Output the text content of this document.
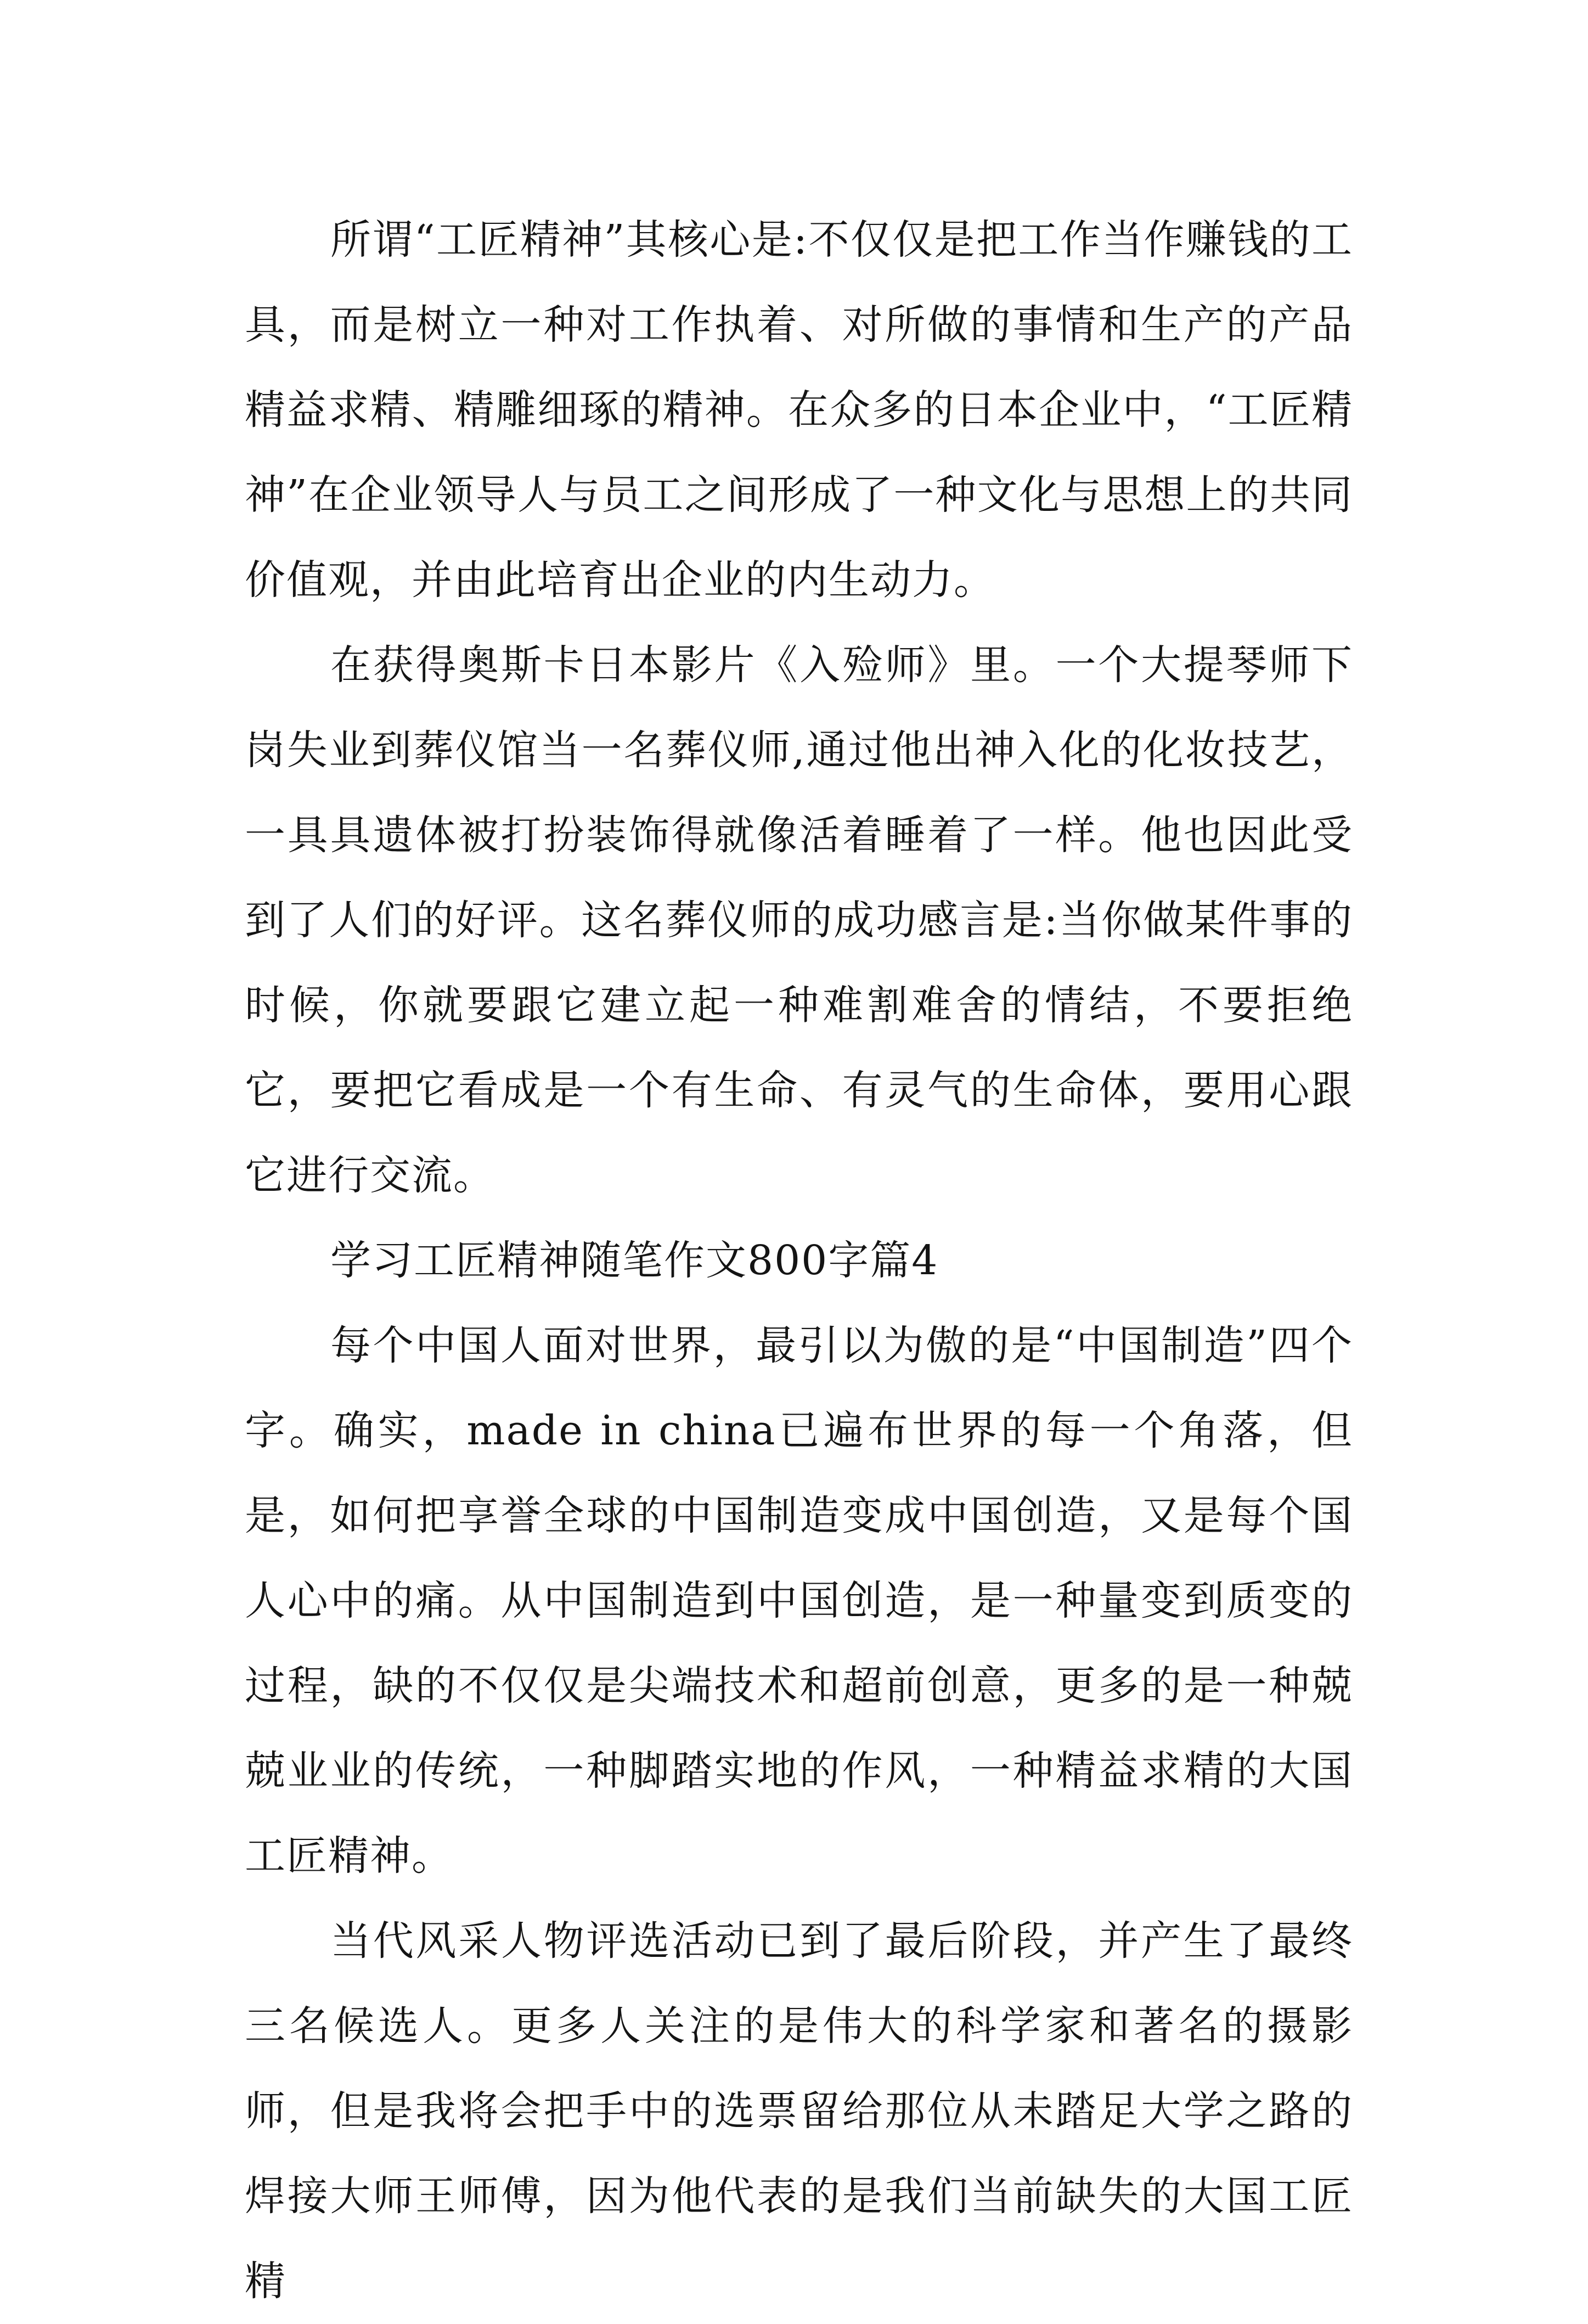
所谓“工匠精神”其核心是:不仅仅是把工作当作赚钱的工具，而是树立一种对工作执着、对所做的事情和生产的产品精益求精、精雕细琢的精神。在众多的日本企业中，“工匠精神”在企业领导人与员工之间形成了一种文化与思想上的共同价值观，并由此培育出企业的内生动力。

在获得奥斯卡日本影片《入殓师》里。一个大提琴师下岗失业到葬仪馆当一名葬仪师,通过他出神入化的化妆技艺，一具具遗体被打扮装饰得就像活着睡着了一样。他也因此受到了人们的好评。这名葬仪师的成功感言是:当你做某件事的时候，你就要跟它建立起一种难割难舍的情结，不要拒绝它，要把它看成是一个有生命、有灵气的生命体，要用心跟它进行交流。

学习工匠精神随笔作文800字篇4

每个中国人面对世界，最引以为傲的是“中国制造”四个字。确实，made in china已遍布世界的每一个角落，但是，如何把享誉全球的中国制造变成中国创造，又是每个国人心中的痛。从中国制造到中国创造，是一种量变到质变的过程，缺的不仅仅是尖端技术和超前创意，更多的是一种兢兢业业的传统，一种脚踏实地的作风，一种精益求精的大国工匠精神。

当代风采人物评选活动已到了最后阶段，并产生了最终三名候选人。更多人关注的是伟大的科学家和著名的摄影师，但是我将会把手中的选票留给那位从未踏足大学之路的焊接大师王师傅，因为他代表的是我们当前缺失的大国工匠精
